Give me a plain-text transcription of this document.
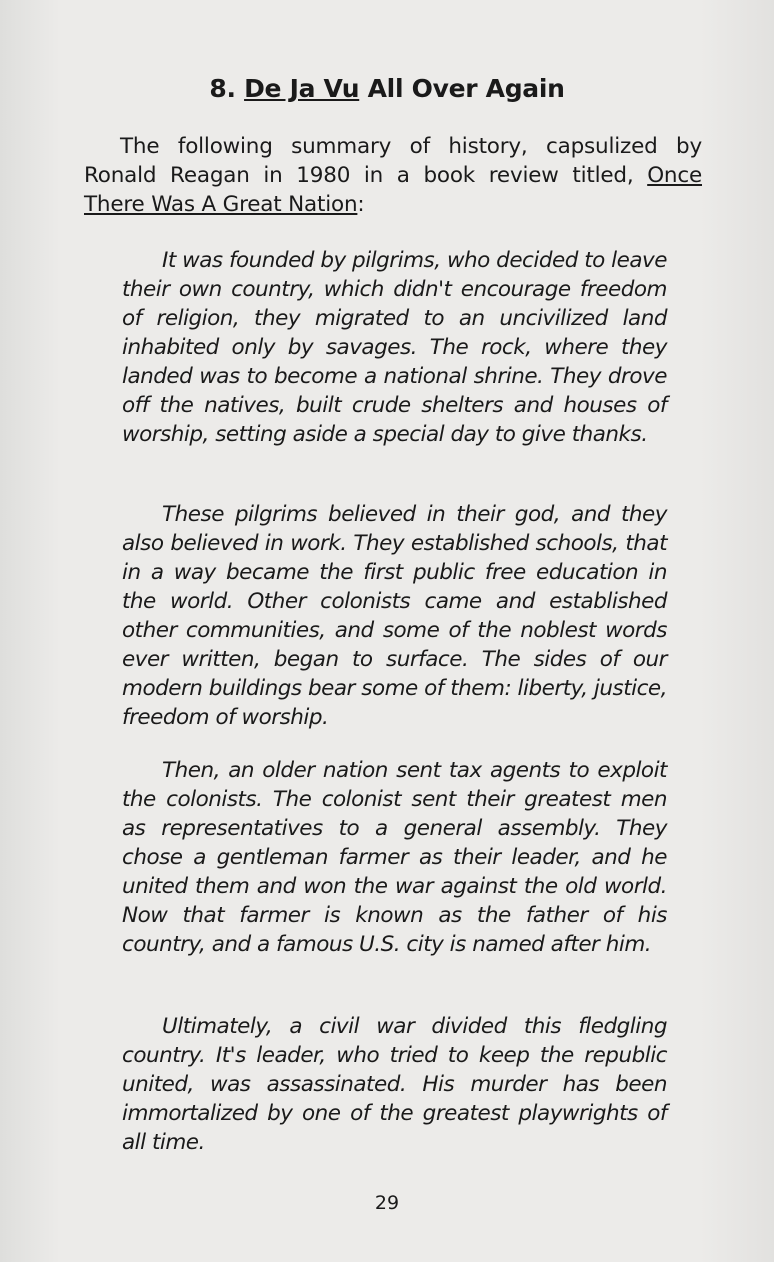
8. De Ja Vu All Over Again
The following summary of history, capsulized by Ronald Reagan in 1980 in a book review titled, Once There Was A Great Nation:

It was founded by pilgrims, who decided to leave their own country, which didn't encourage freedom of religion, they migrated to an uncivilized land inhabited only by savages. The rock, where they landed was to become a national shrine. They drove off the natives, built crude shelters and houses of worship, setting aside a special day to give thanks.

These pilgrims believed in their god, and they also believed in work. They established schools, that in a way became the first public free education in the world. Other colonists came and established other communities, and some of the noblest words ever written, began to surface. The sides of our modern buildings bear some of them: liberty, justice, freedom of worship.

Then, an older nation sent tax agents to exploit the colonists. The colonist sent their greatest men as representatives to a general assembly. They chose a gentleman farmer as their leader, and he united them and won the war against the old world. Now that farmer is known as the father of his country, and a famous U.S. city is named after him.

Ultimately, a civil war divided this fledgling country. It's leader, who tried to keep the republic united, was assassinated. His murder has been immortalized by one of the greatest playwrights of all time.

29
